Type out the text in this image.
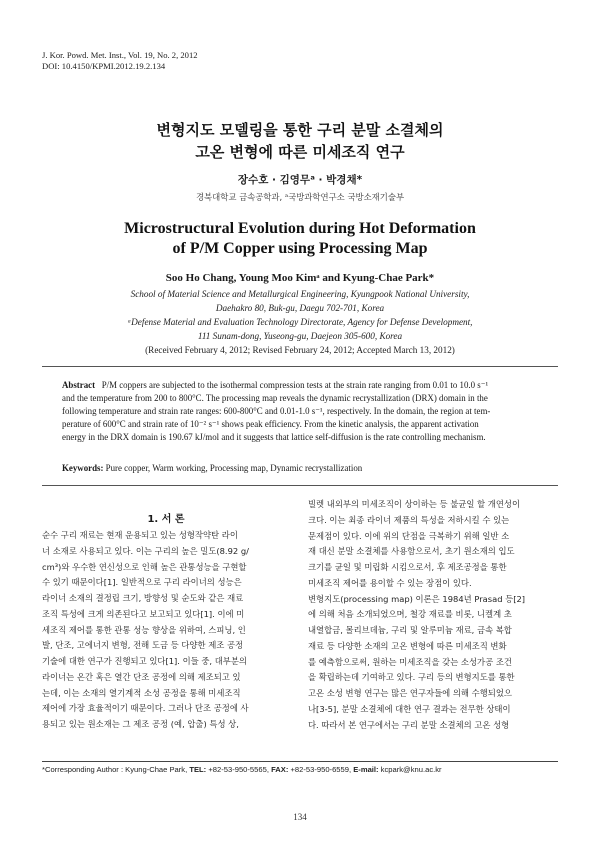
J. Kor. Powd. Met. Inst., Vol. 19, No. 2, 2012
DOI: 10.4150/KPMI.2012.19.2.134
변형지도 모델링을 통한 구리 분말 소결체의
고온 변형에 따른 미세조직 연구
장수호 · 김영무ᵃ · 박경채*
경북대학교 금속공학과, ᵃ국방과학연구소 국방소재기술부
Microstructural Evolution during Hot Deformation
of P/M Copper using Processing Map
Soo Ho Chang, Young Moo Kimᵃ and Kyung-Chae Park*
School of Material Science and Metallurgical Engineering, Kyungpook National University,
Daehakro 80, Buk-gu, Daegu 702-701, Korea
ᵃDefense Material and Evaluation Technology Directorate, Agency for Defense Development,
111 Sunam-dong, Yuseong-gu, Daejeon 305-600, Korea
(Received February 4, 2012; Revised February 24, 2012; Accepted March 13, 2012)
Abstract P/M coppers are subjected to the isothermal compression tests at the strain rate ranging from 0.01 to 10.0 s⁻¹
and the temperature from 200 to 800°C. The processing map reveals the dynamic recrystallization (DRX) domain in the
following temperature and strain rate ranges: 600-800°C and 0.01-1.0 s⁻¹, respectively. In the domain, the region at tem-
perature of 600°C and strain rate of 10⁻² s⁻¹ shows peak efficiency. From the kinetic analysis, the apparent activation
energy in the DRX domain is 190.67 kJ/mol and it suggests that lattice self-diffusion is the rate controlling mechanism.
Keywords: Pure copper, Warm working, Processing map, Dynamic recrystallization
1. 서 론
순수 구리 재료는 현재 운용되고 있는 성형작약탄 라이
너 소재로 사용되고 있다. 이는 구리의 높은 밀도(8.92 g/
cm³)와 우수한 연신성으로 인해 높은 관통성능을 구현할
수 있기 때문이다[1]. 일반적으로 구리 라이너의 성능은
라이너 소재의 결정립 크기, 방향성 및 순도와 같은 재료
조직 특성에 크게 의존된다고 보고되고 있다[1]. 이에 미
세조직 제어를 통한 관통 성능 향상을 위하여, 스피닝, 인
발, 단조, 고에너지 변형, 전해 도금 등 다양한 제조 공정
기술에 대한 연구가 진행되고 있다[1]. 이들 중, 대부분의
라이너는 온간 혹은 열간 단조 공정에 의해 제조되고 있
는데, 이는 소재의 열기계적 소성 공정을 통해 미세조직
제어에 가장 효율적이기 때문이다. 그러나 단조 공정에 사
용되고 있는 원소재는 그 제조 공정 (예, 압출) 특성 상,
빌렛 내외부의 미세조직이 상이하는 등 불균일 할 개연성이
크다. 이는 최종 라이너 제품의 특성을 저하시킬 수 있는
문제점이 있다. 이에 위의 단점을 극복하기 위해 일반 소
재 대신 분말 소결체를 사용함으로서, 초기 원소재의 입도
크기를 균일 및 미립화 시킴으로서, 후 제조공정을 통한
미세조직 제어를 용이할 수 있는 장점이 있다.
변형지도(processing map) 이론은 1984년 Prasad 등[2]
에 의해 처음 소개되었으며, 철강 재료를 비롯, 니켈계 초
내열합금, 몰리브데늄, 구리 및 알루미늄 재료, 금속 복합
재료 등 다양한 소재의 고온 변형에 따른 미세조직 변화
를 예측함으로써, 원하는 미세조직을 갖는 소성가공 조건
을 확립하는데 기여하고 있다. 구리 등의 변형지도를 통한
고온 소성 변형 연구는 많은 연구자들에 의해 수행되었으
나[3-5], 분말 소결체에 대한 연구 결과는 전무한 상태이
다. 따라서 본 연구에서는 구리 분말 소결체의 고온 성형
*Corresponding Author : Kyung-Chae Park, TEL: +82-53-950-5565, FAX: +82-53-950-6559, E-mail: kcpark@knu.ac.kr
134
